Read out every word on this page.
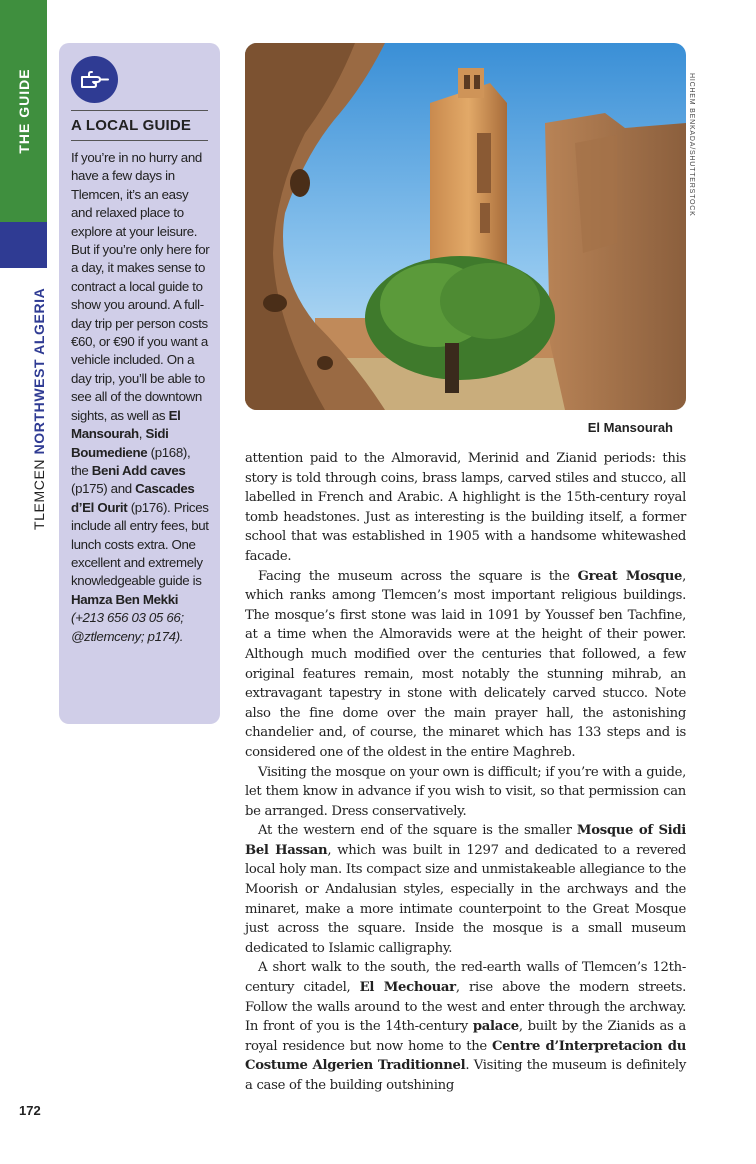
THE GUIDE
TLEMCEN NORTHWEST ALGERIA
A LOCAL GUIDE
If you’re in no hurry and have a few days in Tlemcen, it’s an easy and relaxed place to explore at your leisure. But if you’re only here for a day, it makes sense to contract a local guide to show you around. A full-day trip per person costs €60, or €90 if you want a vehicle included. On a day trip, you’ll be able to see all of the downtown sights, as well as El Mansourah, Sidi Boumediene (p168), the Beni Add caves (p175) and Cascades d’El Ourit (p176). Prices include all entry fees, but lunch costs extra. One excellent and extremely knowledgeable guide is Hamza Ben Mekki (+213 656 03 05 66; @ztlemceny; p174).
HICHEM BENKADA/SHUTTERSTOCK
El Mansourah

attention paid to the Almoravid, Merinid and Zianid periods: this story is told through coins, brass lamps, carved stiles and stucco, all labelled in French and Arabic. A highlight is the 15th-century royal tomb headstones. Just as interesting is the building itself, a former school that was established in 1905 with a handsome whitewashed facade.

Facing the museum across the square is the Great Mosque, which ranks among Tlemcen’s most important religious buildings. The mosque’s first stone was laid in 1091 by Youssef ben Tachfine, at a time when the Almoravids were at the height of their power. Although much modified over the centuries that followed, a few original features remain, most notably the stunning mihrab, an extravagant tapestry in stone with delicately carved stucco. Note also the fine dome over the main prayer hall, the astonishing chandelier and, of course, the minaret which has 133 steps and is considered one of the oldest in the entire Maghreb.

Visiting the mosque on your own is difficult; if you’re with a guide, let them know in advance if you wish to visit, so that permission can be arranged. Dress conservatively.

At the western end of the square is the smaller Mosque of Sidi Bel Hassan, which was built in 1297 and dedicated to a revered local holy man. Its compact size and unmistakeable allegiance to the Moorish or Andalusian styles, especially in the archways and the minaret, make a more intimate counterpoint to the Great Mosque just across the square. Inside the mosque is a small museum dedicated to Islamic calligraphy.

A short walk to the south, the red-earth walls of Tlemcen’s 12th-century citadel, El Mechouar, rise above the modern streets. Follow the walls around to the west and enter through the archway. In front of you is the 14th-century palace, built by the Zianids as a royal residence but now home to the Centre d’Interpretacion du Costume Algerien Traditionnel. Visiting the museum is definitely a case of the building outshining

172
